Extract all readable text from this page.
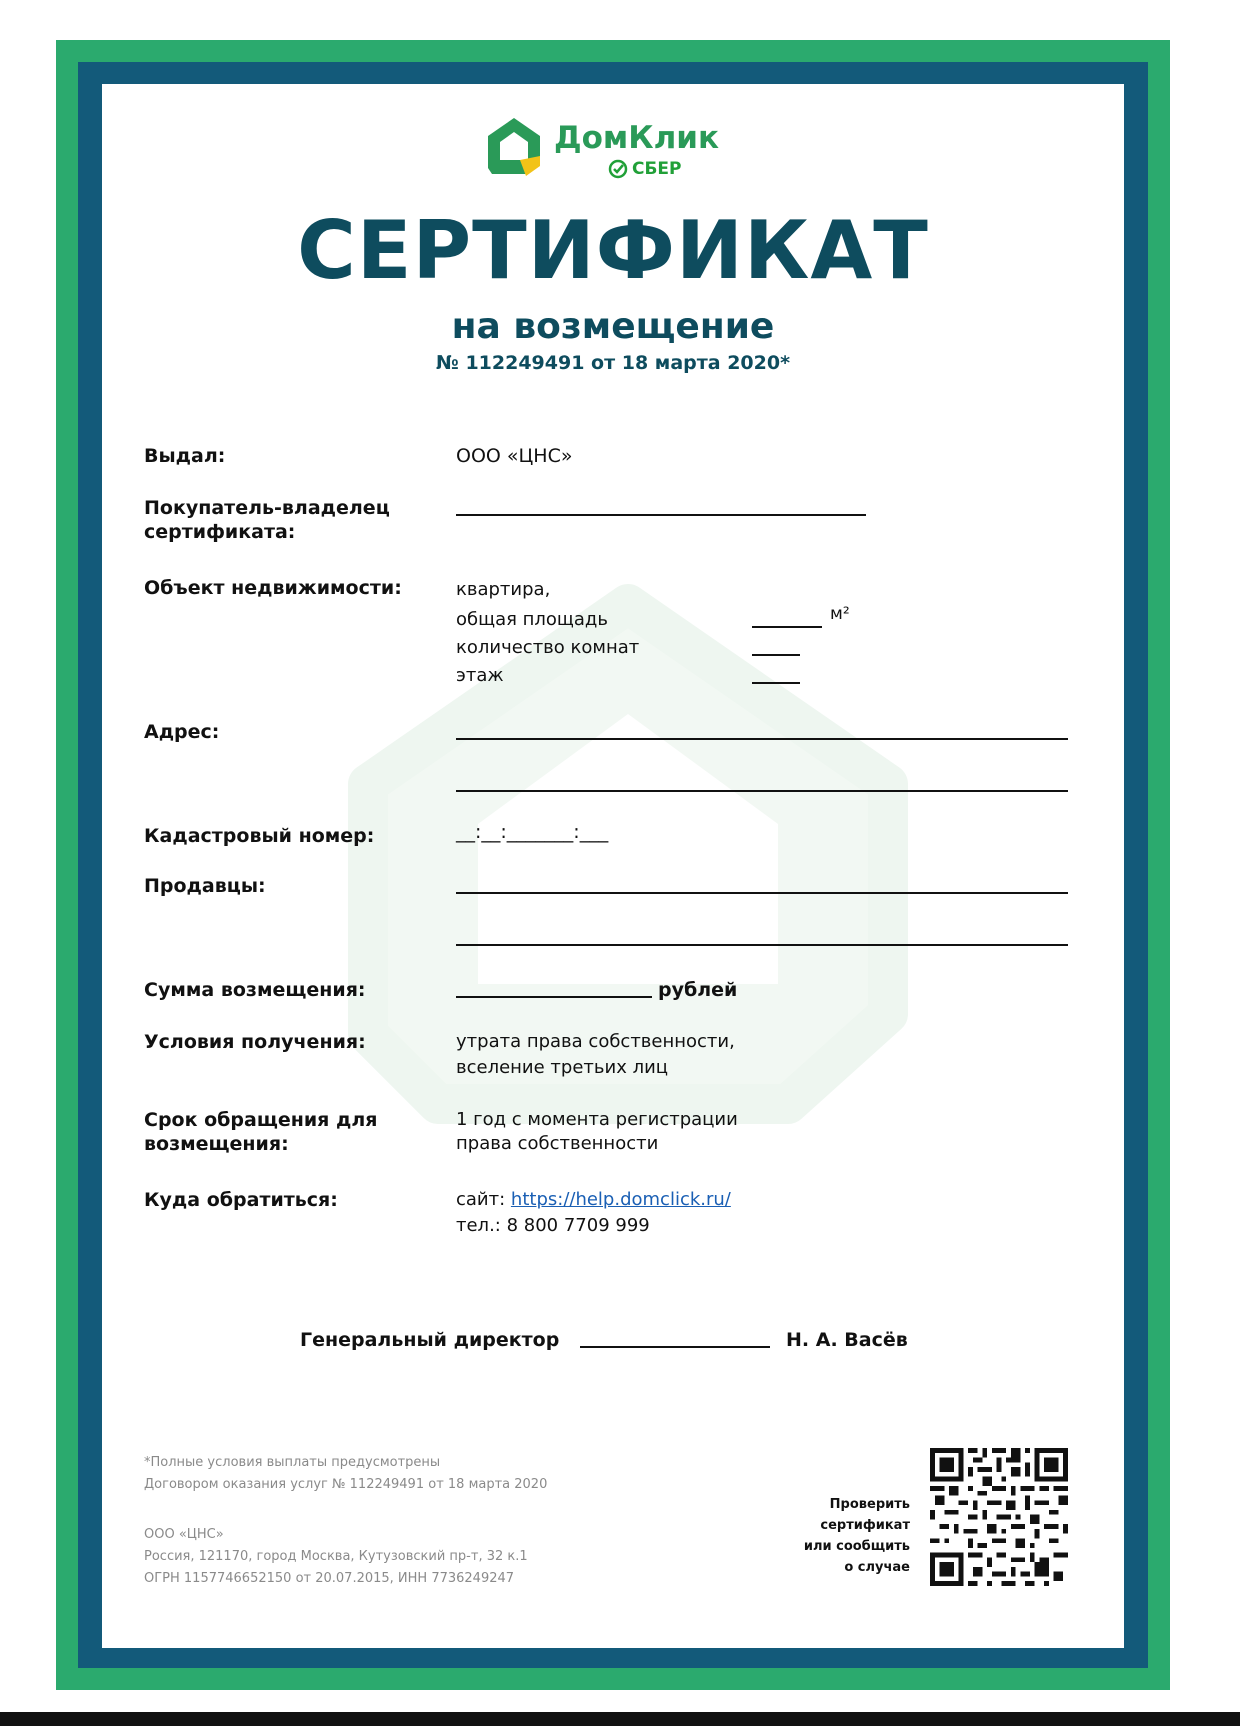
ДомКлик
СБЕР
СЕРТИФИКАТ
на возмещение
№ 112249491 от 18 марта 2020*
Выдал:	ООО «ЦНС»
Покупатель-владелец
сертификата:
Объект недвижимости:	квартира,
общая площадь	м²
количество комнат
этаж
Адрес:
Кадастровый номер:	__:__:_______:___
Продавцы:
Сумма возмещения:	рублей
Условия получения:	утрата права собственности,
вселение третьих лиц
Срок обращения для
возмещения:
1 год с момента регистрации
права собственности
Куда обратиться:	сайт: https://help.domclick.ru/
тел.: 8 800 7709 999
Генеральный директор	Н. А. Васёв
*Полные условия выплаты предусмотрены
Договором оказания услуг № 112249491 от 18 марта 2020
ООО «ЦНС»
Россия, 121170, город Москва, Кутузовский пр-т, 32 к.1
ОГРН 1157746652150 от 20.07.2015, ИНН 7736249247
Проверить
сертификат
или сообщить
о случае
